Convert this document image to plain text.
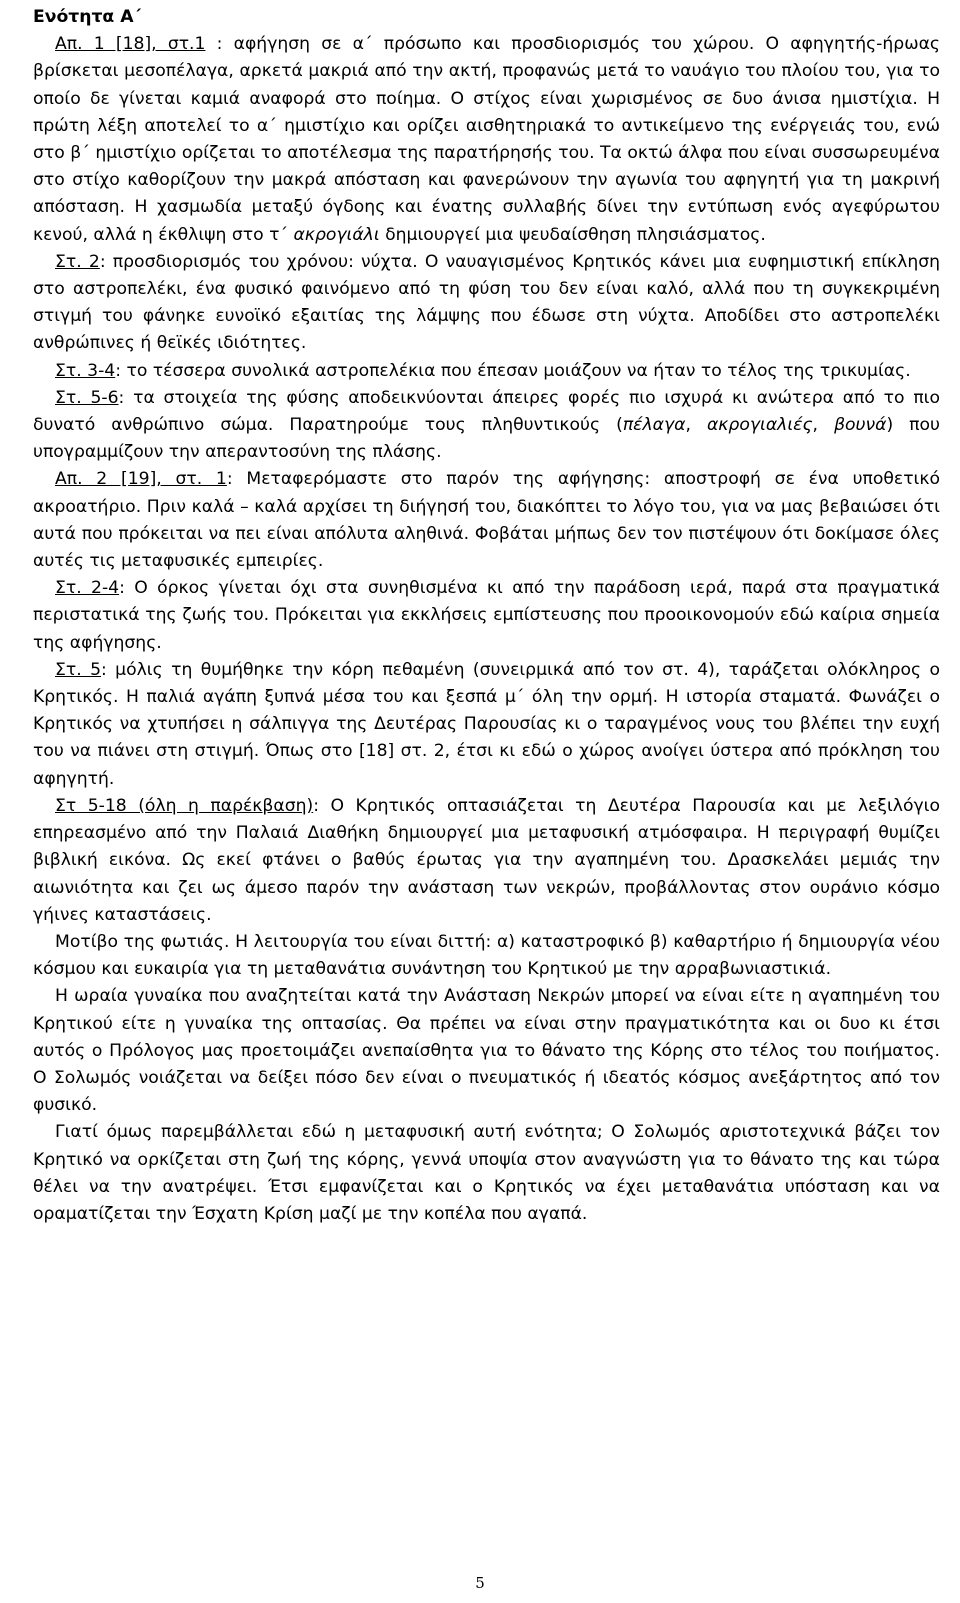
Ενότητα Α΄

Απ. 1 [18], στ.1 : αφήγηση σε α΄ πρόσωπο και προσδιορισμός του χώρου. Ο αφηγητής-ήρωας βρίσκεται μεσοπέλαγα, αρκετά μακριά από την ακτή, προφανώς μετά το ναυάγιο του πλοίου του, για το οποίο δε γίνεται καμιά αναφορά στο ποίημα. Ο στίχος είναι χωρισμένος σε δυο άνισα ημιστίχια. Η πρώτη λέξη αποτελεί το α΄ ημιστίχιο και ορίζει αισθητηριακά το αντικείμενο της ενέργειάς του, ενώ στο β΄ ημιστίχιο ορίζεται το αποτέλεσμα της παρατήρησής του. Τα οκτώ άλφα που είναι συσσωρευμένα στο στίχο καθορίζουν την μακρά απόσταση και φανερώνουν την αγωνία του αφηγητή για τη μακρινή απόσταση. Η χασμωδία μεταξύ όγδοης και ένατης συλλαβής δίνει την εντύπωση ενός αγεφύρωτου κενού, αλλά η έκθλιψη στο τ΄ ακρογιάλι δημιουργεί μια ψευδαίσθηση πλησιάσματος.

Στ. 2: προσδιορισμός του χρόνου: νύχτα. Ο ναυαγισμένος Κρητικός κάνει μια ευφημιστική επίκληση στο αστροπελέκι, ένα φυσικό φαινόμενο από τη φύση του δεν είναι καλό, αλλά που τη συγκεκριμένη στιγμή του φάνηκε ευνοϊκό εξαιτίας της λάμψης που έδωσε στη νύχτα. Αποδίδει στο αστροπελέκι ανθρώπινες ή θεϊκές ιδιότητες.

Στ. 3-4: το τέσσερα συνολικά αστροπελέκια που έπεσαν μοιάζουν να ήταν το τέλος της τρικυμίας.

Στ. 5-6: τα στοιχεία της φύσης αποδεικνύονται άπειρες φορές πιο ισχυρά κι ανώτερα από το πιο δυνατό ανθρώπινο σώμα. Παρατηρούμε τους πληθυντικούς (πέλαγα, ακρογιαλιές, βουνά) που υπογραμμίζουν την απεραντοσύνη της πλάσης.

Απ. 2 [19], στ. 1: Μεταφερόμαστε στο παρόν της αφήγησης: αποστροφή σε ένα υποθετικό ακροατήριο. Πριν καλά – καλά αρχίσει τη διήγησή του, διακόπτει το λόγο του, για να μας βεβαιώσει ότι αυτά που πρόκειται να πει είναι απόλυτα αληθινά. Φοβάται μήπως δεν τον πιστέψουν ότι δοκίμασε όλες αυτές τις μεταφυσικές εμπειρίες.

Στ. 2-4: Ο όρκος γίνεται όχι στα συνηθισμένα κι από την παράδοση ιερά, παρά στα πραγματικά περιστατικά της ζωής του. Πρόκειται για εκκλήσεις εμπίστευσης που προοικονομούν εδώ καίρια σημεία της αφήγησης.

Στ. 5: μόλις τη θυμήθηκε την κόρη πεθαμένη (συνειρμικά από τον στ. 4), ταράζεται ολόκληρος ο Κρητικός. Η παλιά αγάπη ξυπνά μέσα του και ξεσπά μ΄ όλη την ορμή. Η ιστορία σταματά. Φωνάζει ο Κρητικός να χτυπήσει η σάλπιγγα της Δευτέρας Παρουσίας κι ο ταραγμένος νους του βλέπει την ευχή του να πιάνει στη στιγμή. Όπως στο [18] στ. 2, έτσι κι εδώ ο χώρος ανοίγει ύστερα από πρόκληση του αφηγητή.

Στ 5-18 (όλη η παρέκβαση): Ο Κρητικός οπτασιάζεται τη Δευτέρα Παρουσία και με λεξιλόγιο επηρεασμένο από την Παλαιά Διαθήκη δημιουργεί μια μεταφυσική ατμόσφαιρα. Η περιγραφή θυμίζει βιβλική εικόνα. Ως εκεί φτάνει ο βαθύς έρωτας για την αγαπημένη του. Δρασκελάει μεμιάς την αιωνιότητα και ζει ως άμεσο παρόν την ανάσταση των νεκρών, προβάλλοντας στον ουράνιο κόσμο γήινες καταστάσεις.

Μοτίβο της φωτιάς. Η λειτουργία του είναι διττή: α) καταστροφικό β) καθαρτήριο ή δημιουργία νέου κόσμου και ευκαιρία για τη μεταθανάτια συνάντηση του Κρητικού με την αρραβωνιαστικιά.

Η ωραία γυναίκα που αναζητείται κατά την Ανάσταση Νεκρών μπορεί να είναι είτε η αγαπημένη του Κρητικού είτε η γυναίκα της οπτασίας. Θα πρέπει να είναι στην πραγματικότητα και οι δυο κι έτσι αυτός ο Πρόλογος μας προετοιμάζει ανεπαίσθητα για το θάνατο της Κόρης στο τέλος του ποιήματος. Ο Σολωμός νοιάζεται να δείξει πόσο δεν είναι ο πνευματικός ή ιδεατός κόσμος ανεξάρτητος από τον φυσικό.

Γιατί όμως παρεμβάλλεται εδώ η μεταφυσική αυτή ενότητα; Ο Σολωμός αριστοτεχνικά βάζει τον Κρητικό να ορκίζεται στη ζωή της κόρης, γεννά υποψία στον αναγνώστη για το θάνατο της και τώρα θέλει να την ανατρέψει. Έτσι εμφανίζεται και ο Κρητικός να έχει μεταθανάτια υπόσταση και να οραματίζεται την Έσχατη Κρίση μαζί με την κοπέλα που αγαπά.

5
